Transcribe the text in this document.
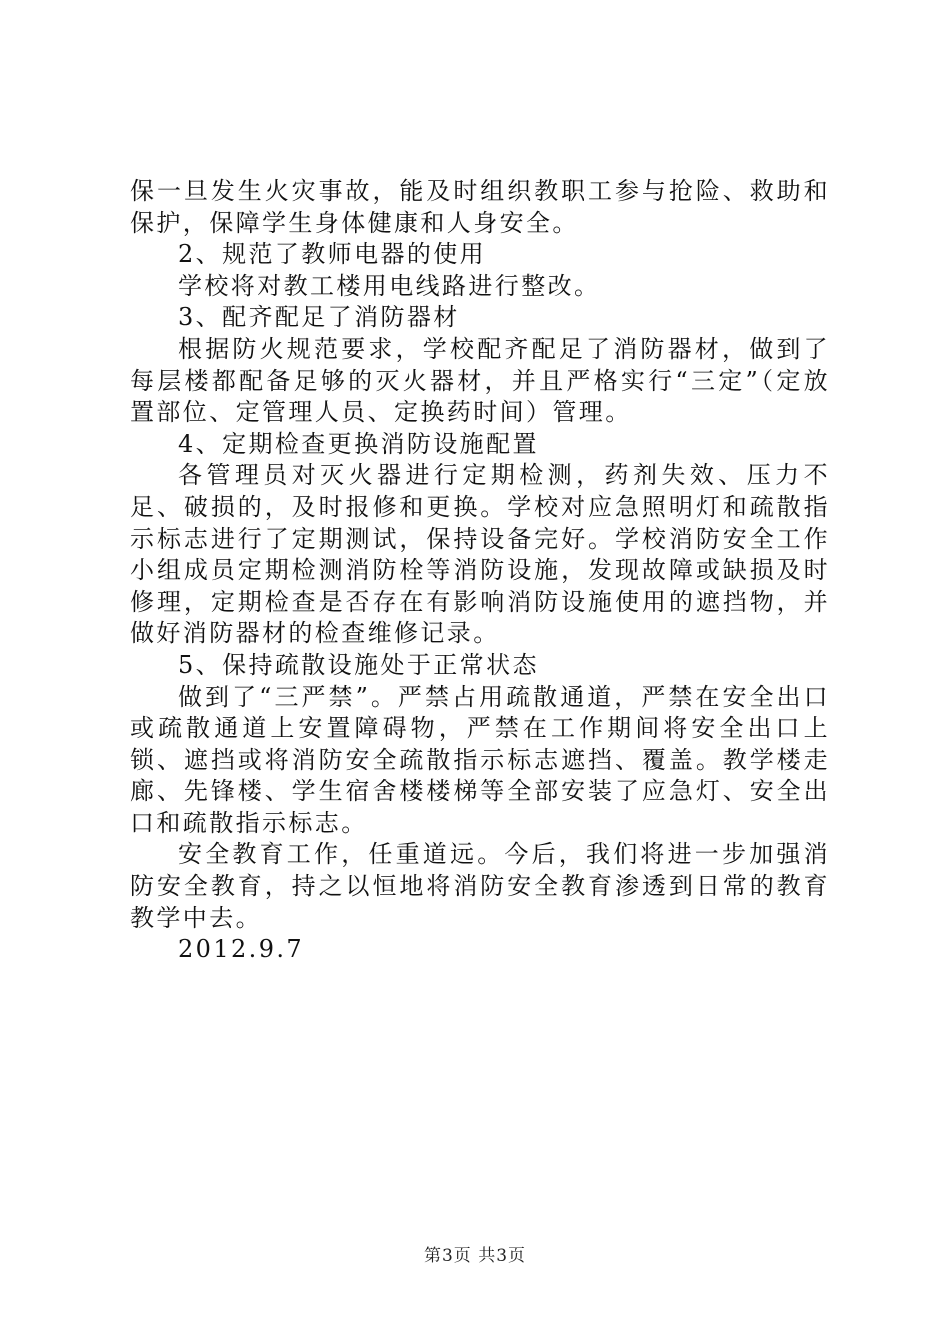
保一旦发生火灾事故，能及时组织教职工参与抢险、救助和保护，保障学生身体健康和人身安全。

2、规范了教师电器的使用

学校将对教工楼用电线路进行整改。

3、配齐配足了消防器材

根据防火规范要求，学校配齐配足了消防器材，做到了每层楼都配备足够的灭火器材，并且严格实行“三定”（定放置部位、定管理人员、定换药时间）管理。

4、定期检查更换消防设施配置

各管理员对灭火器进行定期检测，药剂失效、压力不足、破损的，及时报修和更换。学校对应急照明灯和疏散指示标志进行了定期测试，保持设备完好。学校消防安全工作小组成员定期检测消防栓等消防设施，发现故障或缺损及时修理，定期检查是否存在有影响消防设施使用的遮挡物，并做好消防器材的检查维修记录。

5、保持疏散设施处于正常状态

做到了“三严禁”。严禁占用疏散通道，严禁在安全出口或疏散通道上安置障碍物，严禁在工作期间将安全出口上锁、遮挡或将消防安全疏散指示标志遮挡、覆盖。教学楼走廊、先锋楼、学生宿舍楼楼梯等全部安装了应急灯、安全出口和疏散指示标志。

安全教育工作，任重道远。今后，我们将进一步加强消防安全教育，持之以恒地将消防安全教育渗透到日常的教育教学中去。

2012.9.7

第3页 共3页
